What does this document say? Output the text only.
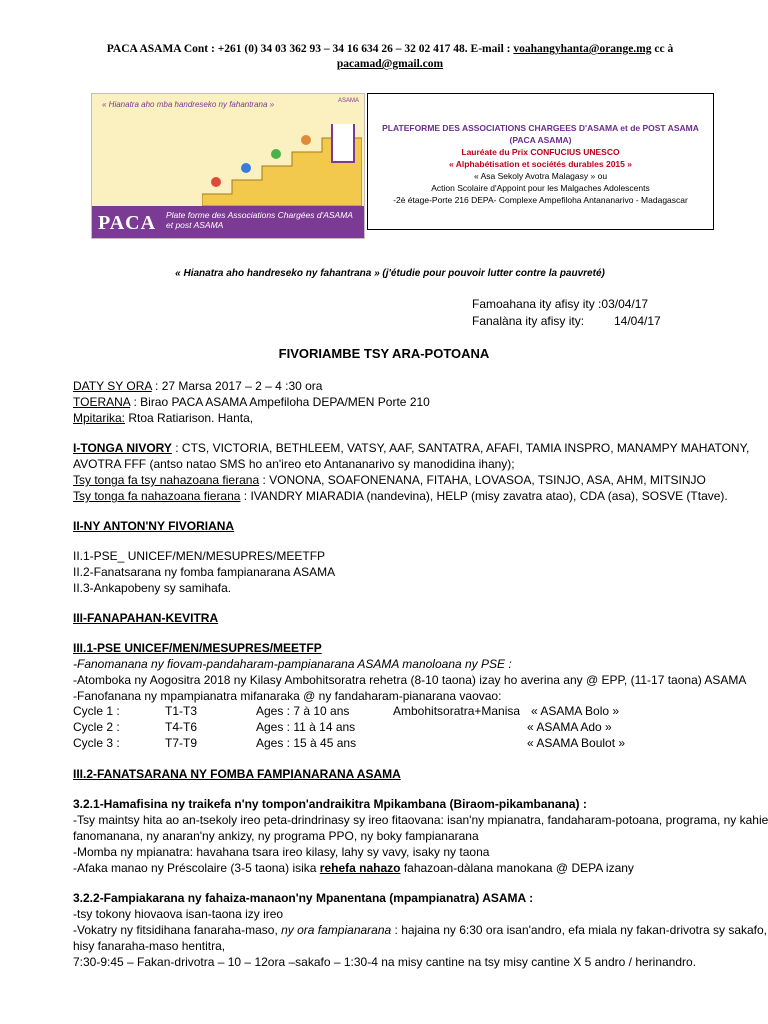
PACA ASAMA Cont : +261 (0) 34 03 362 93 – 34 16 634 26 – 32 02 417 48. E-mail : voahangyhanta@orange.mg cc à
pacamad@gmail.com
« Hianatra aho mba handreseko ny fahantrana »	ASAMA
PACA Plate forme des Associations Chargées d'ASAMA et post ASAMA
PLATEFORME DES ASSOCIATIONS CHARGEES D'ASAMA et de POST ASAMA (PACA ASAMA)
Lauréate du Prix CONFUCIUS UNESCO
« Alphabétisation et sociétés durables 2015 »
« Asa Sekoly Avotra Malagasy » ou
Action Scolaire d'Appoint pour les Malgaches Adolescents
-2è étage-Porte 216 DEPA- Complexe Ampefiloha Antananarivo - Madagascar
« Hianatra aho handreseko ny fahantrana » (j'étudie pour pouvoir lutter contre la pauvreté)
Famoahana ity afisy ity :03/04/17
Fanalàna ity afisy ity: 14/04/17
FIVORIAMBE TSY ARA-POTOANA
DATY SY ORA : 27 Marsa 2017 – 2 – 4 :30 ora
TOERANA : Birao PACA ASAMA Ampefiloha DEPA/MEN Porte 210
Mpitarika: Rtoa Ratiarison. Hanta,
I-TONGA NIVORY : CTS, VICTORIA, BETHLEEM, VATSY, AAF, SANTATRA, AFAFI, TAMIA INSPRO, MANAMPY MAHATONY,
AVOTRA FFF (antso natao SMS ho an'ireo eto Antananarivo sy manodidina ihany);
Tsy tonga fa tsy nahazoana fierana : VONONA, SOAFONENANA, FITAHA, LOVASOA, TSINJO, ASA, AHM, MITSINJO
Tsy tonga fa nahazoana fierana : IVANDRY MIARADIA (nandevina), HELP (misy zavatra atao), CDA (asa), SOSVE (Ttave).
II-NY ANTON'NY FIVORIANA
II.1-PSE_ UNICEF/MEN/MESUPRES/MEETFP
II.2-Fanatsarana ny fomba fampianarana ASAMA
II.3-Ankapobeny sy samihafa.
III-FANAPAHAN-KEVITRA
III.1-PSE UNICEF/MEN/MESUPRES/MEETFP
-Fanomanana ny fiovam-pandaharam-pampianarana ASAMA manoloana ny PSE :
-Atomboka ny Aogositra 2018 ny Kilasy Ambohitsoratra rehetra (8-10 taona) izay ho averina any @ EPP, (11-17 taona) ASAMA
-Fanofanana ny mpampianatra mifanaraka @ ny fandaharam-pianarana vaovao:
Cycle 1 :	T1-T3	Ages : 7 à 10 ans	Ambohitsoratra+Manisa « ASAMA Bolo »
Cycle 2 :	T4-T6	Ages : 11 à 14 ans	« ASAMA Ado »
Cycle 3 :	T7-T9	Ages : 15 à 45 ans	« ASAMA Boulot »
III.2-FANATSARANA NY FOMBA FAMPIANARANA ASAMA
3.2.1-Hamafisina ny traikefa n'ny tompon'andraikitra Mpikambana (Biraom-pikambanana) :
-Tsy maintsy hita ao an-tsekoly ireo peta-drindrinasy sy ireo fitaovana: isan'ny mpianatra, fandaharam-potoana, programa, ny kahie
fanomanana, ny anaran'ny ankizy, ny programa PPO, ny boky fampianarana
-Momba ny mpianatra: havahana tsara ireo kilasy, lahy sy vavy, isaky ny taona
-Afaka manao ny Préscolaire (3-5 taona) isika rehefa nahazo fahazoan-dàlana manokana @ DEPA izany
3.2.2-Fampiakarana ny fahaiza-manaon'ny Mpanentana (mpampianatra) ASAMA :
-tsy tokony hiovaova isan-taona izy ireo
-Vokatry ny fitsidihana fanaraha-maso, ny ora fampianarana : hajaina ny 6:30 ora isan'andro, efa miala ny fakan-drivotra sy sakafo,
hisy fanaraha-maso hentitra,
7:30-9:45 – Fakan-drivotra – 10 – 12ora –sakafo – 1:30-4 na misy cantine na tsy misy cantine X 5 andro / herinandro.
